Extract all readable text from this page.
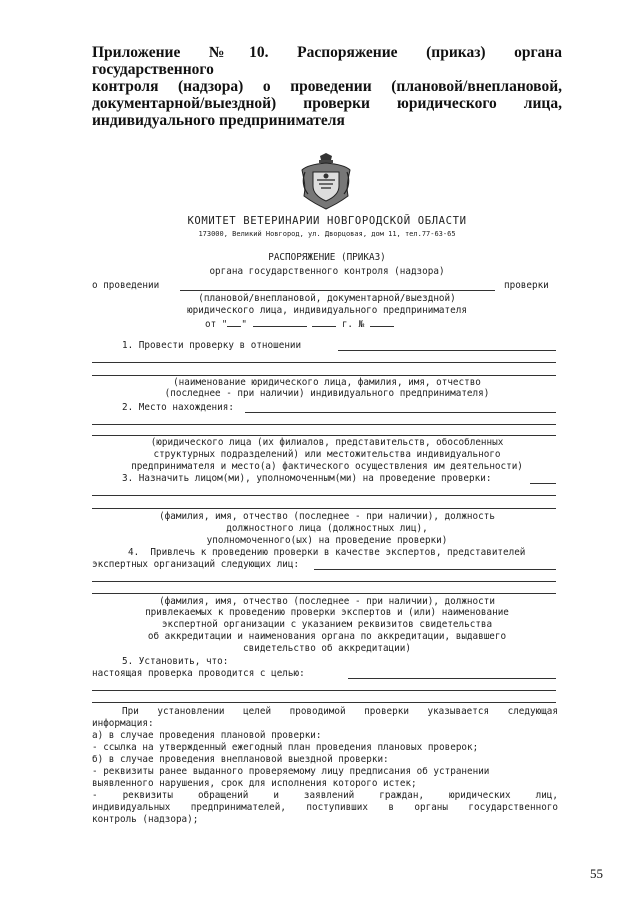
Приложение №10. Распоряжение (приказ) органа государственного
контроля (надзора) о проведении (плановой/внеплановой,
документарной/выездной) проверки юридического лица,
индивидуального предпринимателя
КОМИТЕТ ВЕТЕРИНАРИИ НОВГОРОДСКОЙ ОБЛАСТИ
173000, Великий Новгород, ул. Дворцовая, дом 11, тел.77-63-65
РАСПОРЯЖЕНИЕ (ПРИКАЗ)
органа государственного контроля (надзора)
о проведении	проверки
(плановой/внеплановой, документарной/выездной)
юридического лица, индивидуального предпринимателя
от " "	г. №
1. Провести проверку в отношении
(наименование юридического лица, фамилия, имя, отчество
(последнее - при наличии) индивидуального предпринимателя)
2. Место нахождения:
(юридического лица (их филиалов, представительств, обособленных
структурных подразделений) или местожительства индивидуального
предпринимателя и место(а) фактического осуществления им деятельности)
3. Назначить лицом(ми), уполномоченным(ми) на проведение проверки:
(фамилия, имя, отчество (последнее - при наличии), должность
должностного лица (должностных лиц),
уполномоченного(ых) на проведение проверки)
4.  Привлечь к проведению проверки в качестве экспертов, представителей
экспертных организаций следующих лиц:
(фамилия, имя, отчество (последнее - при наличии), должности
привлекаемых к проведению проверки экспертов и (или) наименование
экспертной организации с указанием реквизитов свидетельства
об аккредитации и наименования органа по аккредитации, выдавшего
свидетельство об аккредитации)
5. Установить, что:
настоящая проверка проводится с целью:
При установлении целей проводимой проверки указывается следующая
информация:
а) в случае проведения плановой проверки:
- ссылка на утвержденный ежегодный план проведения плановых проверок;
б) в случае проведения внеплановой выездной проверки:
- реквизиты ранее выданного проверяемому лицу предписания об устранении
выявленного нарушения, срок для исполнения которого истек;
- реквизиты обращений и заявлений граждан, юридических лиц,
индивидуальных предпринимателей, поступивших в органы государственного
контроль (надзора);
55
